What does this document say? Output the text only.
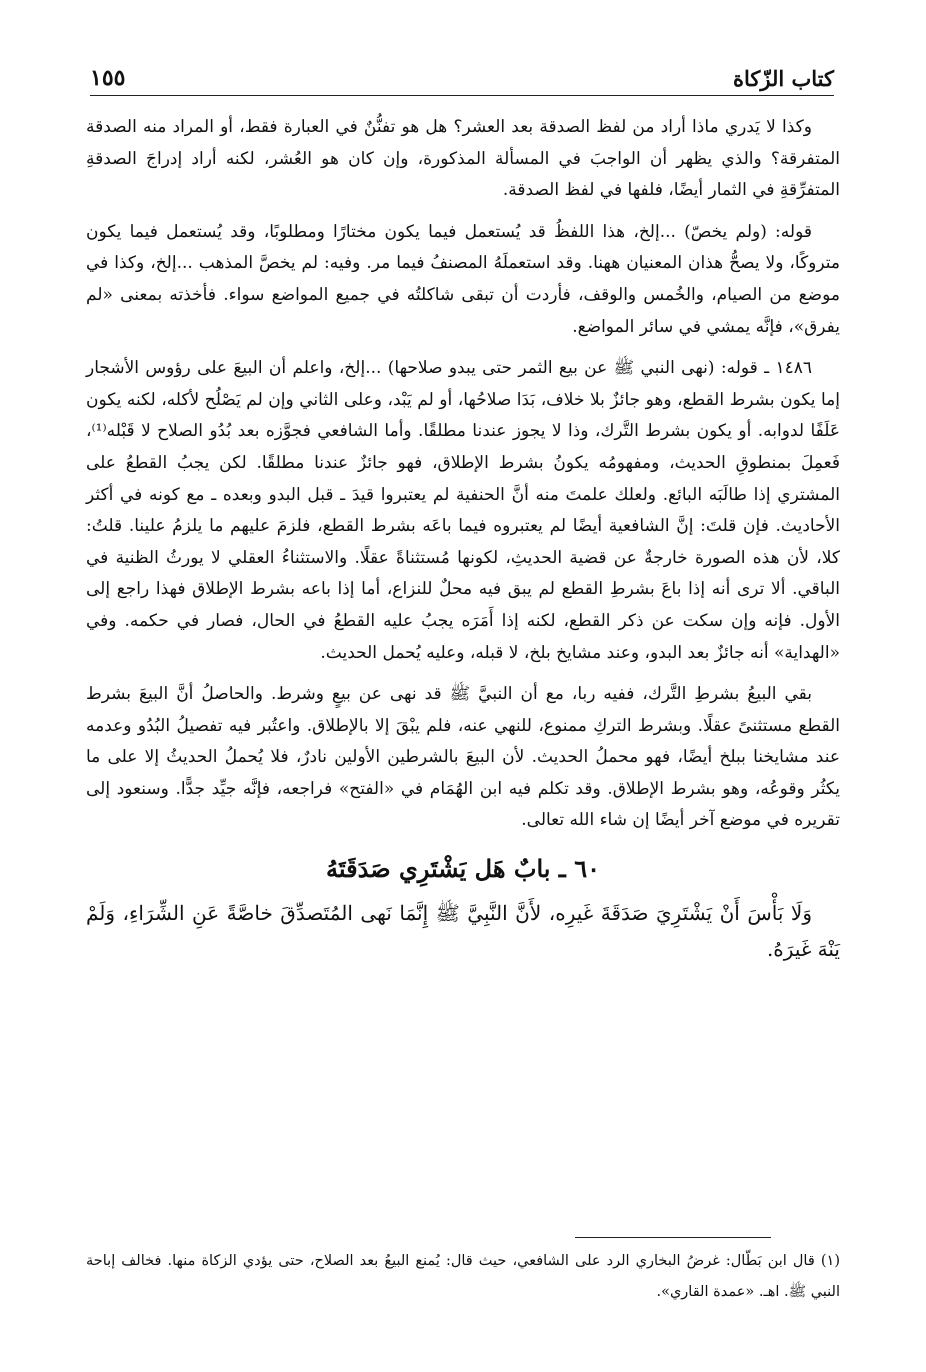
كتاب الزّكاة
١٥٥

وكذا لا يَدري ماذا أراد من لفظ الصدقة بعد العشر؟ هل هو تفنُّنٌ في العبارة فقط، أو المراد منه الصدقة المتفرقة؟ والذي يظهر أن الواجبَ في المسألة المذكورة، وإن كان هو العُشر، لكنه أراد إدراجَ الصدقةِ المتفرِّقةِ في الثمار أيضًا، فلفها في لفظ الصدقة.

قوله: (ولم يخصّ) ...إلخ، هذا اللفظُ قد يُستعمل فيما يكون مختارًا ومطلوبًا، وقد يُستعمل فيما يكون متروكًا، ولا يصحُّ هذان المعنيان ههنا. وقد استعملَهُ المصنفُ فيما مر. وفيه: لم يخصَّ المذهب ...إلخ، وكذا في موضع من الصيام، والخُمس والوقف، فأردت أن تبقى شاكلتُه في جميع المواضع سواء. فأخذته بمعنى «لم يفرق»، فإنَّه يمشي في سائر المواضع.

١٤٨٦ ـ قوله: (نهى النبي ﷺ عن بيع الثمر حتى يبدو صلاحها) ...إلخ، واعلم أن البيعَ على رؤوس الأشجار إما يكون بشرط القطع، وهو جائزٌ بلا خلاف، بَدَا صلاحُها، أو لم يَبْد، وعلى الثاني وإن لم يَصْلُح لأكله، لكنه يكون عَلَفًا لدوابه. أو يكون بشرط التَّرك، وذا لا يجوز عندنا مطلقًا. وأما الشافعي فجوَّزه بعد بُدُو الصلاح لا قَبْله⁽¹⁾، فَعمِلَ بمنطوقِ الحديث، ومفهومُه يكونُ بشرط الإطلاق، فهو جائزٌ عندنا مطلقًا. لكن يجبُ القطعُ على المشتري إذا طالَبَه البائع. ولعلك علمتَ منه أنَّ الحنفية لم يعتبروا قيدَ ـ قبل البدو وبعده ـ مع كونه في أكثر الأحاديث. فإن قلتَ: إنَّ الشافعية أيضًا لم يعتبروه فيما باعَه بشرط القطع، فلزمَ عليهم ما يلزمُ علينا. قلتُ: كلا، لأن هذه الصورة خارجةٌ عن قضية الحديثِ، لكونها مُستثناةً عقلًا. والاستثناءُ العقلي لا يورثُ الظنية في الباقي. ألا ترى أنه إذا باعَ بشرطِ القطع لم يبق فيه محلٌ للنزاع، أما إذا باعه بشرط الإطلاق فهذا راجع إلى الأول. فإنه وإن سكت عن ذكر القطع، لكنه إذا أَمَرَه يجبُ عليه القطعُ في الحال، فصار في حكمه. وفي «الهداية» أنه جائزٌ بعد البدو، وعند مشايخ بلخ، لا قبله، وعليه يُحمل الحديث.

بقي البيعُ بشرطِ التَّرك، ففيه ربا، مع أن النبيَّ ﷺ قد نهى عن بيعٍ وشرط. والحاصلُ أنَّ البيعَ بشرط القطع مستثنىً عقلًا. وبشرط التركِ ممنوع، للنهي عنه، فلم يبْقَ إلا بالإطلاق. واعتُبر فيه تفصيلُ البُدُو وعدمه عند مشايخنا ببلخ أيضًا، فهو محملُ الحديث. لأن البيعَ بالشرطين الأولين نادرٌ، فلا يُحملُ الحديثُ إلا على ما يكثُر وقوعُه، وهو بشرط الإطلاق. وقد تكلم فيه ابن الهُمَام في «الفتح» فراجعه، فإنَّه جيِّد جدًّا. وسنعود إلى تقريره في موضع آخر أيضًا إن شاء الله تعالى.

٦٠ ـ بابٌ هَل يَشْتَرِي صَدَقَتَهُ

وَلَا بَأْسَ أَنْ يَشْتَرِيَ صَدَقَةَ غَيرِه، لأَنَّ النَّبِيَّ ﷺ إِنَّمَا نَهى المُتَصدِّقَ خاصَّةً عَنِ الشِّرَاءِ، وَلَمْ يَنْهَ غَيرَهُ.

(١) قال ابن بَطّال: غرضُ البخاري الرد على الشافعي، حيث قال: يُمنع البيعُ بعد الصلاح، حتى يؤدي الزكاة منها. فخالف إباحة النبي ﷺ. اهـ. «عمدة القاري».
